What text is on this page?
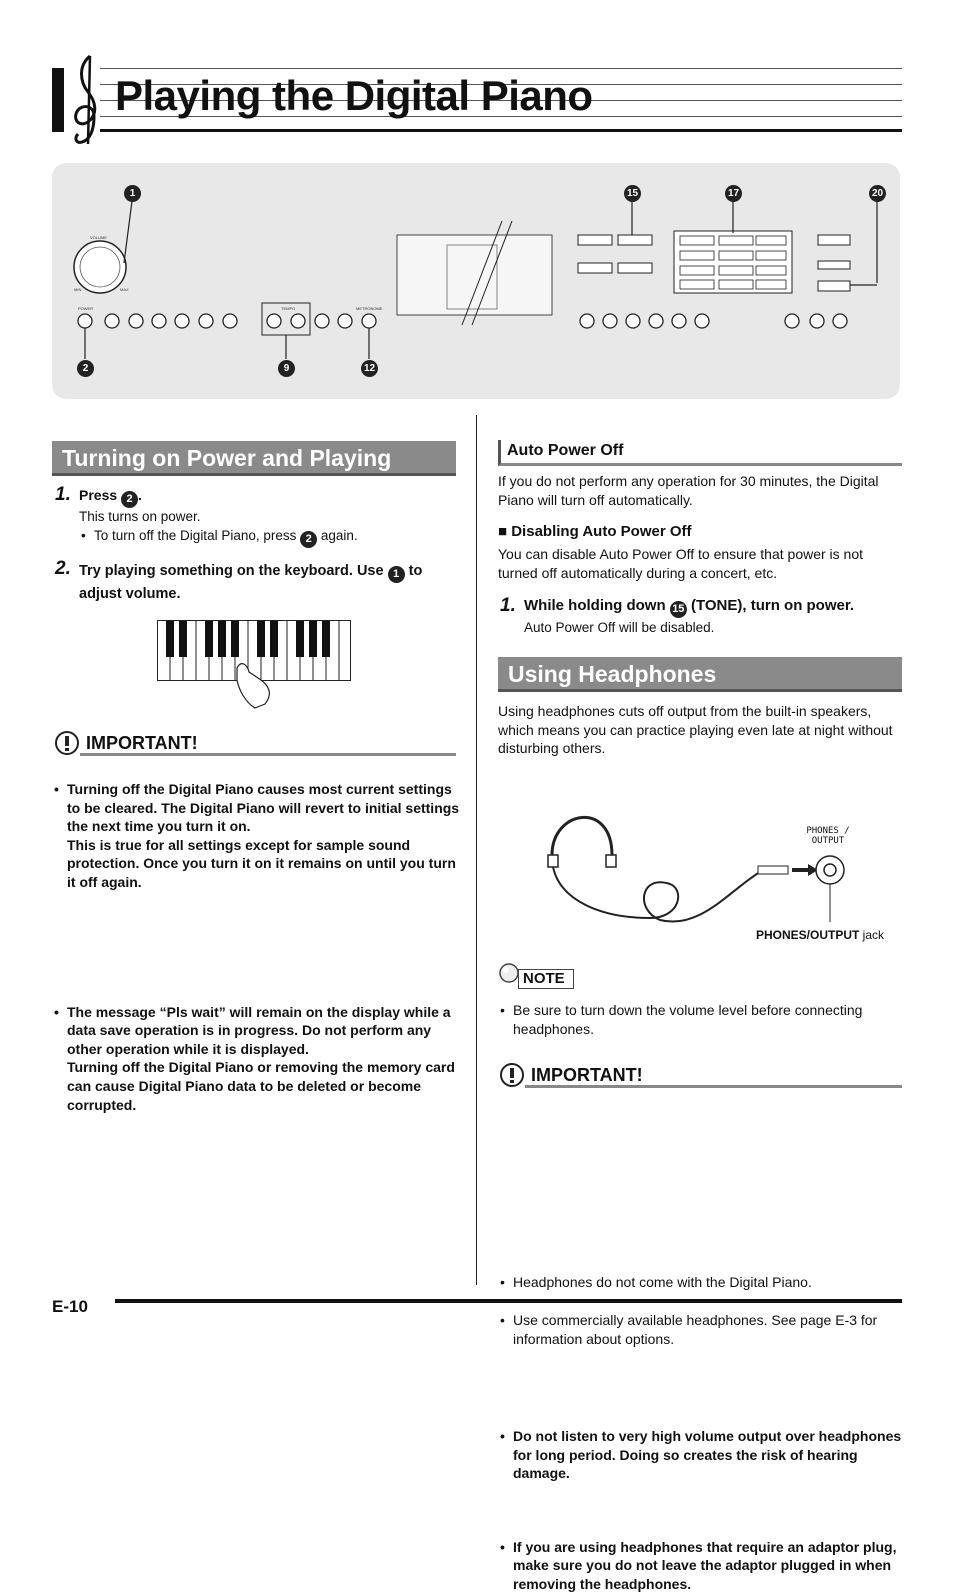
Playing the Digital Piano
1	15	17	20
2	9	12
VOLUME
MIN	MAX
POWER	TEMPO	METRONOME
Turning on Power and Playing
1. Press 2 .
This turns on power.
• To turn off the Digital Piano, press 2 again.
2. Try playing something on the keyboard. Use 1 to adjust volume.
IMPORTANT!
• Turning off the Digital Piano causes most current settings to be cleared. The Digital Piano will revert to initial settings the next time you turn it on.
This is true for all settings except for sample sound protection. Once you turn it on it remains on until you turn it off again.
• The message “Pls wait” will remain on the display while a data save operation is in progress. Do not perform any other operation while it is displayed.
Turning off the Digital Piano or removing the memory card can cause Digital Piano data to be deleted or become corrupted.
Auto Power Off
If you do not perform any operation for 30 minutes, the Digital Piano will turn off automatically.
■ Disabling Auto Power Off
You can disable Auto Power Off to ensure that power is not turned off automatically during a concert, etc.
1. While holding down 15 (TONE), turn on power.
Auto Power Off will be disabled.
Using Headphones
Using headphones cuts off output from the built-in speakers, which means you can practice playing even late at night without disturbing others.
• Be sure to turn down the volume level before connecting headphones.
PHONES /
OUTPUT
PHONES/OUTPUT jack
NOTE
• Headphones do not come with the Digital Piano.
• Use commercially available headphones. See page E-3 for information about options.
IMPORTANT!
• Do not listen to very high volume output over headphones for long period. Doing so creates the risk of hearing damage.
• If you are using headphones that require an adaptor plug, make sure you do not leave the adaptor plugged in when removing the headphones.
E-10
